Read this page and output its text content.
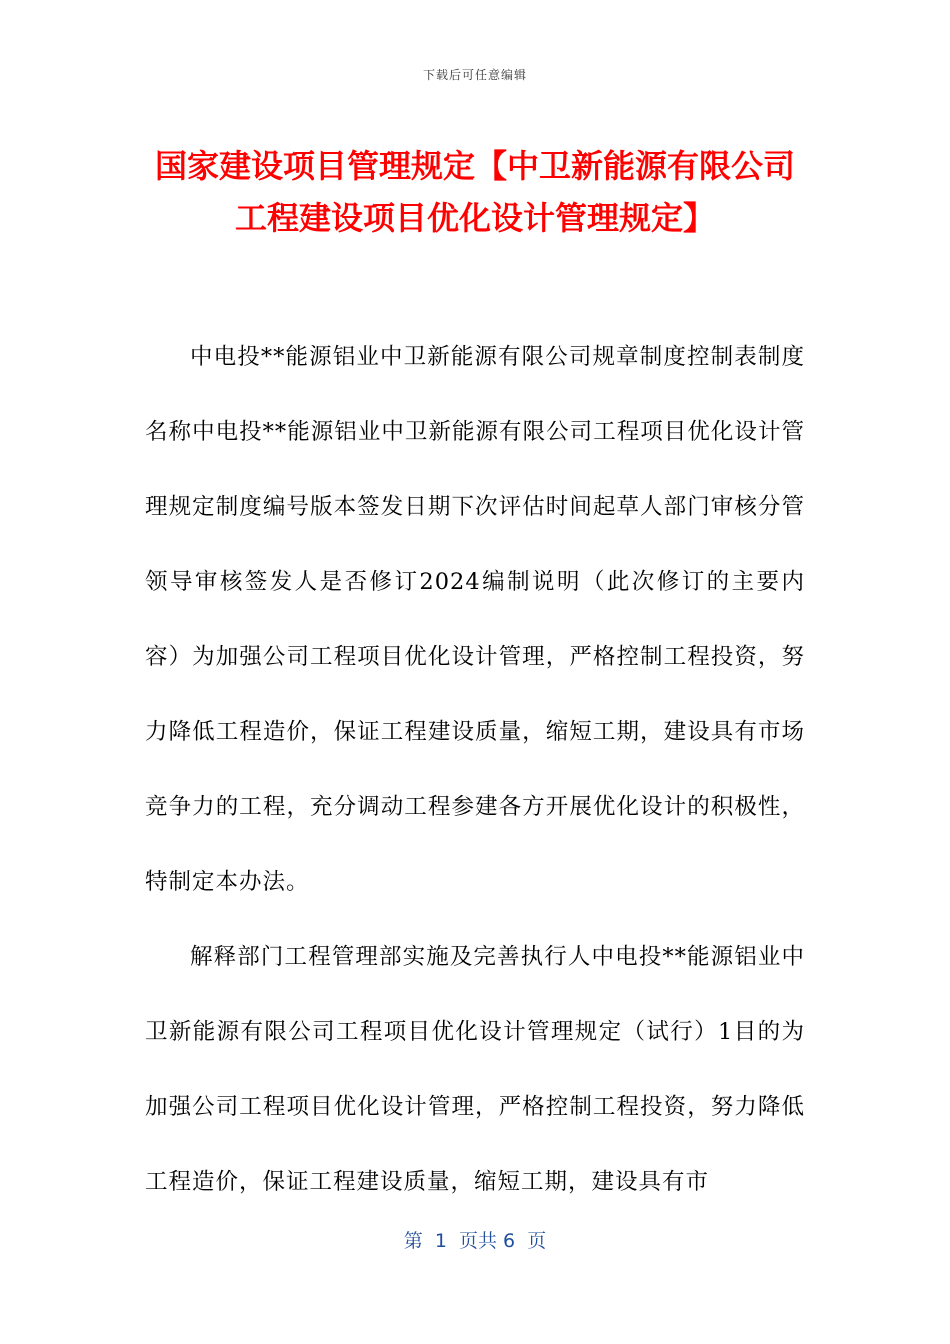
下载后可任意编辑
国家建设项目管理规定【中卫新能源有限公司工程建设项目优化设计管理规定】

中电投**能源铝业中卫新能源有限公司规章制度控制表制度名称中电投**能源铝业中卫新能源有限公司工程项目优化设计管理规定制度编号版本签发日期下次评估时间起草人部门审核分管领导审核签发人是否修订2024编制说明（此次修订的主要内容）为加强公司工程项目优化设计管理，严格控制工程投资，努力降低工程造价，保证工程建设质量，缩短工期，建设具有市场竞争力的工程，充分调动工程参建各方开展优化设计的积极性，特制定本办法。

解释部门工程管理部实施及完善执行人中电投**能源铝业中卫新能源有限公司工程项目优化设计管理规定（试行）1目的为加强公司工程项目优化设计管理，严格控制工程投资，努力降低工程造价，保证工程建设质量，缩短工期，建设具有市

第  1  页共 6  页
